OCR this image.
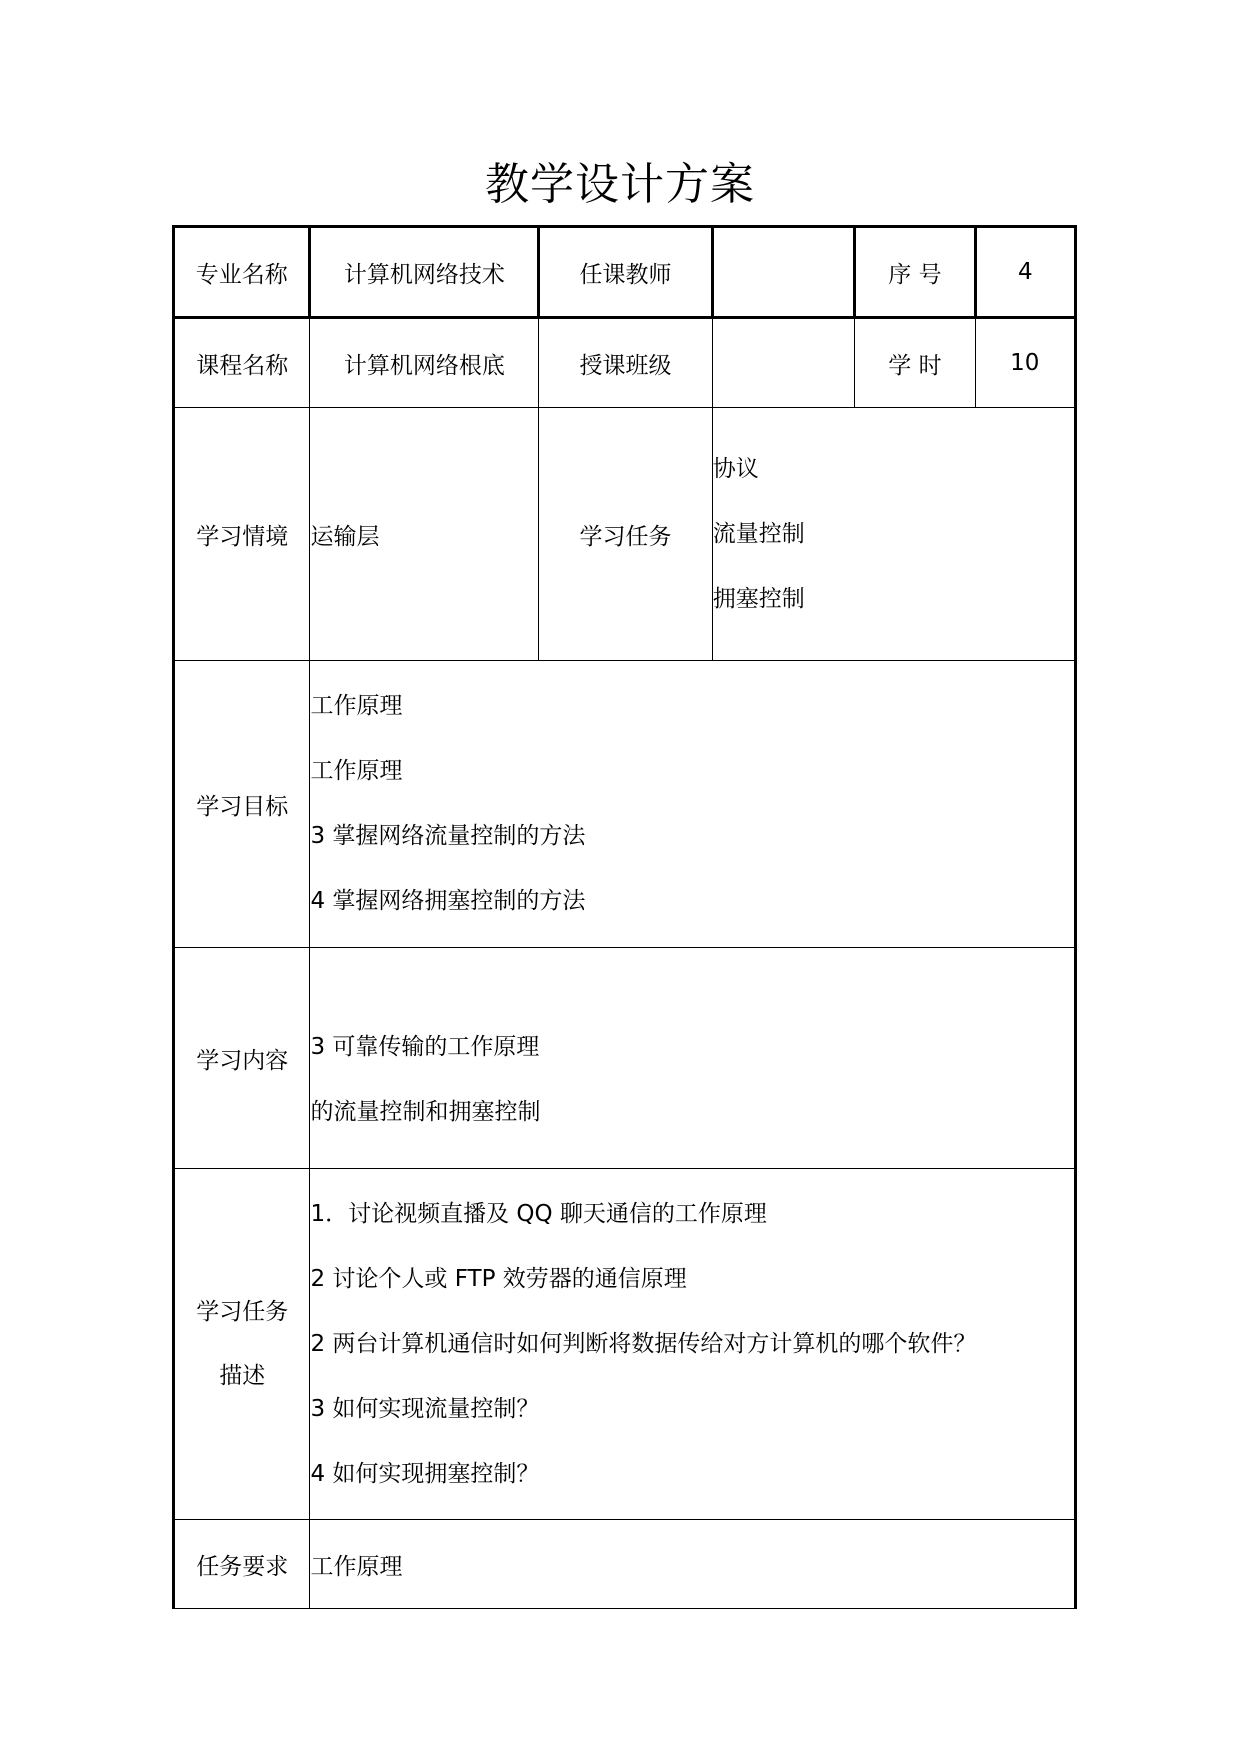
教学设计方案
专业名称	计算机网络技术	任课教师		序 号	4
课程名称	计算机网络根底	授课班级		学 时	10
学习情境	运输层	学习任务	协议
流量控制
拥塞控制		

学习目标	工作原理
工作原理
3 掌握网络流量控制的方法
4 掌握网络拥塞控制的方法				

学习内容	3 可靠传输的工作原理
的流量控制和拥塞控制				

学习任务
描述	1．讨论视频直播及 QQ 聊天通信的工作原理
2 讨论个人或 FTP 效劳器的通信原理
2 两台计算机通信时如何判断将数据传给对方计算机的哪个软件？
3 如何实现流量控制？
4 如何实现拥塞控制？				

任务要求	工作原理				
